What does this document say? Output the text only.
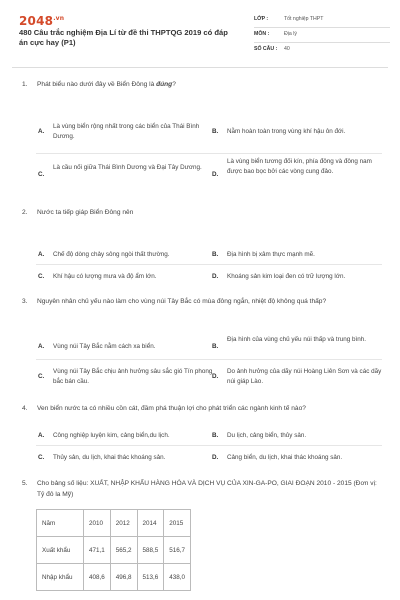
$2048^{.vn}$
480 Câu trắc nghiệm Địa Lí từ đề thi THPTQG 2019 có đáp án cực hay (P1)
LỚP :	Tốt nghiệp THPT
MÔN :	Địa lý
SỐ CÂU : 40
1. Phát biểu nào dưới đây về Biển Đông là đúng?
A.
Là vùng biển rộng nhất trong các biển của Thái Bình Dương.
B. Nằm hoàn toàn trong vùng khí hậu ôn đới.
C.
Là cầu nối giữa Thái Bình Dương và Đại Tây Dương.
D.
Là vùng biển tương đối kín, phía đông và đông nam được bao bọc bởi các vòng cung đảo.
2. Nước ta tiếp giáp Biển Đông nên
A. Chế độ dòng chảy sông ngòi thất thường.	B. Địa hình bị xâm thực mạnh mẽ.
C. Khí hậu có lượng mưa và độ ẩm lớn.	D. Khoáng sản kim loại đen có trữ lượng lớn.
3. Nguyên nhân chủ yếu nào làm cho vùng núi Tây Bắc có mùa đông ngắn, nhiệt độ không quá thấp?
A. Vùng núi Tây Bắc nằm cách xa biển.	B.
Địa hình của vùng chủ yếu núi thấp và trung bình.
C.
Vùng núi Tây Bắc chịu ảnh hưởng sâu sắc gió Tín phong bắc bán cầu.
D.
Do ảnh hưởng của dãy núi Hoàng Liên Sơn và các dãy núi giáp Lào.
4. Ven biển nước ta có nhiều cồn cát, đầm phá thuận lợi cho phát triển các ngành kinh tế nào?
A. Công nghiệp luyện kim, cảng biển,du lịch.	B. Du lịch, cảng biển, thủy sản.
C. Thủy sản, du lịch, khai thác khoáng sản.	D. Cảng biển, du lịch, khai thác khoáng sản.
5. Cho bảng số liệu: XUẤT, NHẬP KHẨU HÀNG HÓA VÀ DỊCH VỤ CỦA XIN-GA-PO, GIAI ĐOẠN 2010 - 2015 (Đơn vị: Tỷ đô la Mỹ)
Năm	2010	2012	2014	2015
Xuất khẩu	471,1	565,2	588,5	516,7
Nhập khẩu	408,6	496,8	513,6	438,0
